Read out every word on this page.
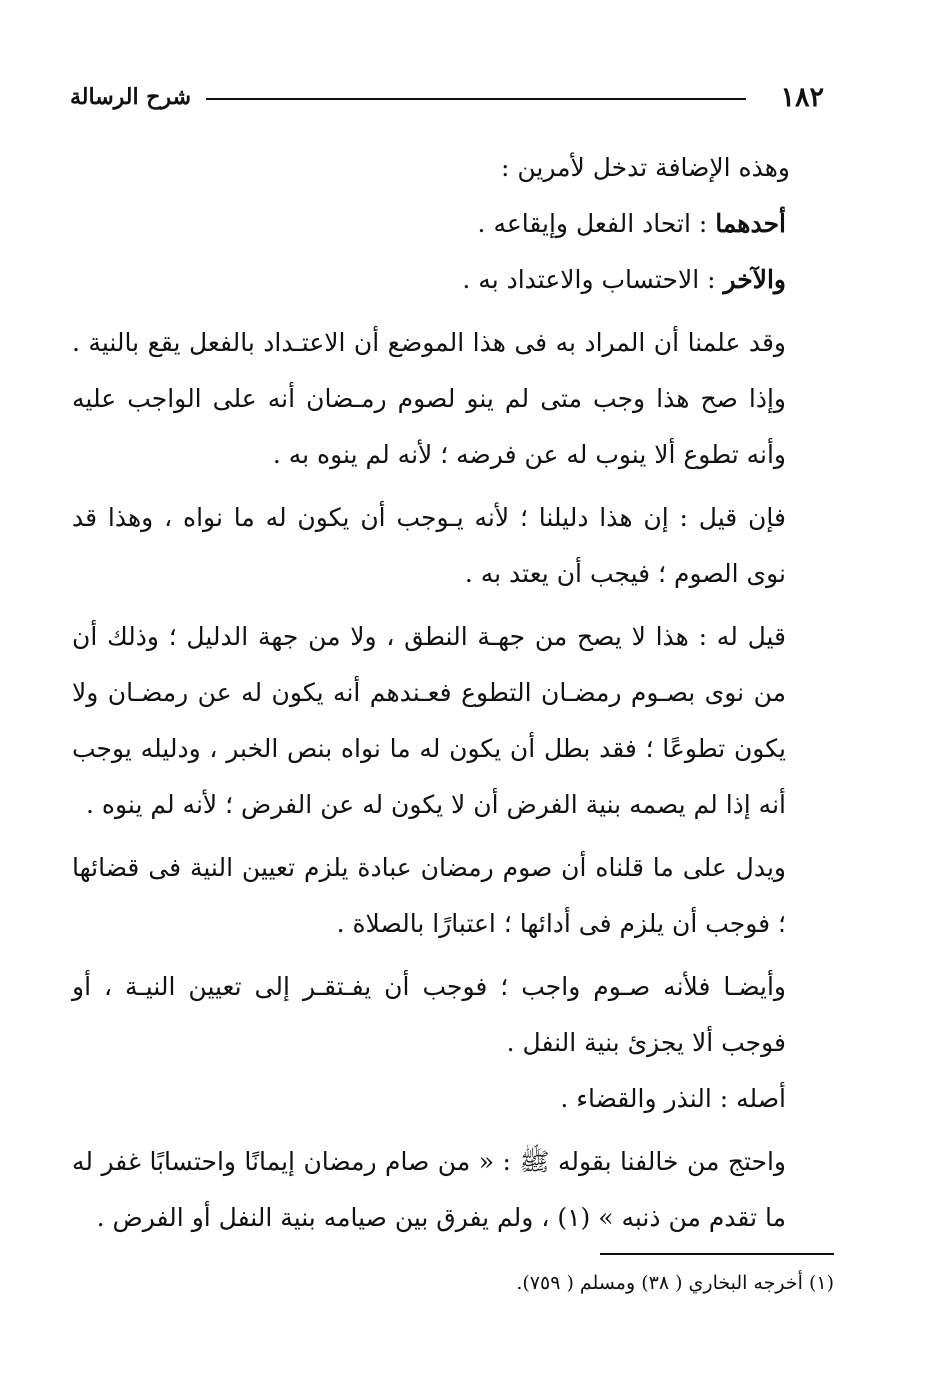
١٨٢
شرح الرسالة

وهذه الإضافة تدخل لأمرين :

أحدهما : اتحاد الفعل وإيقاعه .

والآخر : الاحتساب والاعتداد به .

وقد علمنا أن المراد به فى هذا الموضع أن الاعتـداد بالفعل يقع بالنية . وإذا صح هذا وجب متى لم ينو لصوم رمـضان أنه على الواجب عليه وأنه تطوع ألا ينوب له عن فرضه ؛ لأنه لم ينوه به .

فإن قيل : إن هذا دليلنا ؛ لأنه يـوجب أن يكون له ما نواه ، وهذا قد نوى الصوم ؛ فيجب أن يعتد به .

قيل له : هذا لا يصح من جهـة النطق ، ولا من جهة الدليل ؛ وذلك أن من نوى بصـوم رمضـان التطوع فعـندهم أنه يكون له عن رمضـان ولا يكون تطوعًا ؛ فقد بطل أن يكون له ما نواه بنص الخبر ، ودليله يوجب أنه إذا لم يصمه بنية الفرض أن لا يكون له عن الفرض ؛ لأنه لم ينوه .

ويدل على ما قلناه أن صوم رمضان عبادة يلزم تعيين النية فى قضائها ؛ فوجب أن يلزم فى أدائها ؛ اعتبارًا بالصلاة .

وأيضـا فلأنه صـوم واجب ؛ فوجب أن يفـتقـر إلى تعيين النيـة ، أو فوجب ألا يجزئ بنية النفل .

أصله : النذر والقضاء .

واحتج من خالفنا بقوله ﷺ : « من صام رمضان إيمانًا واحتسابًا غفر له ما تقدم من ذنبه » (١) ، ولم يفرق بين صيامه بنية النفل أو الفرض .

(١) أخرجه البخاري ( ٣٨) ومسلم ( ٧٥٩).
